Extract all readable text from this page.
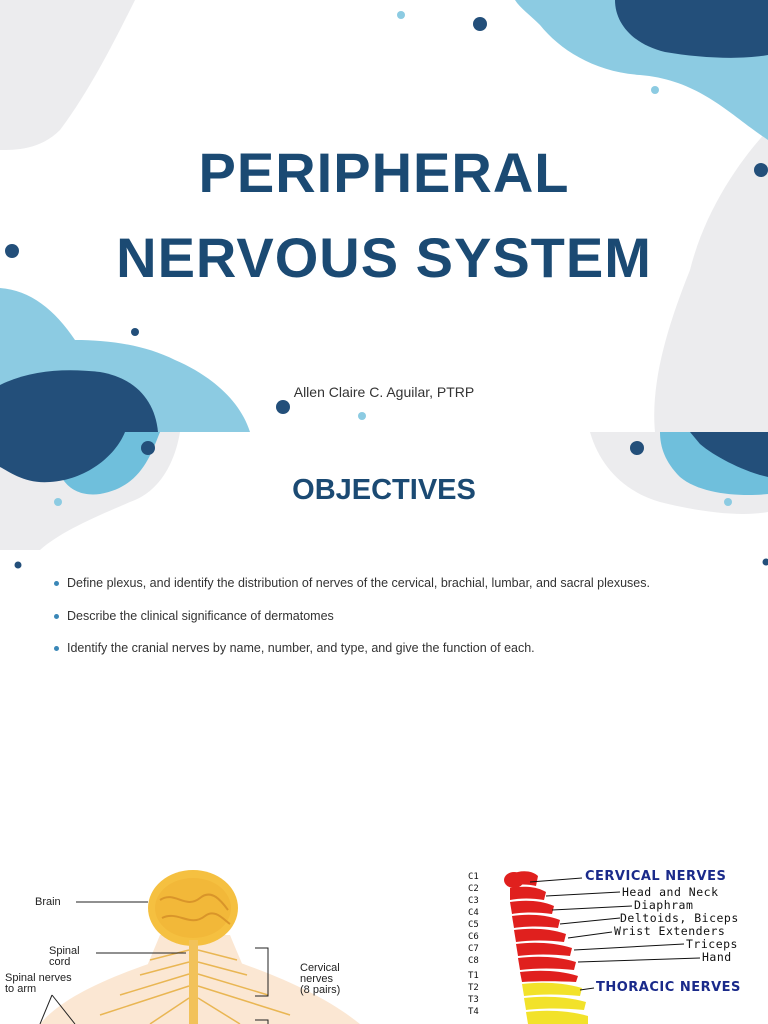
PERIPHERAL
NERVOUS SYSTEM
Allen Claire C. Aguilar, PTRP
OBJECTIVES
Define plexus, and identify the distribution of nerves of the cervical, brachial, lumbar, and sacral plexuses.
Describe the clinical significance of dermatomes
Identify the cranial nerves by name, number, and type, and give the function of each.
Brain
Spinal
cord
Spinal nerves
to arm
Cervical
nerves
(8 pairs)
C1
C2
C3
C4
C5
C6
C7
C8
T1
T2
T3
T4
CERVICAL NERVES
Head and Neck
Diaphram
Deltoids, Biceps
Wrist Extenders
Triceps
Hand
THORACIC NERVES
